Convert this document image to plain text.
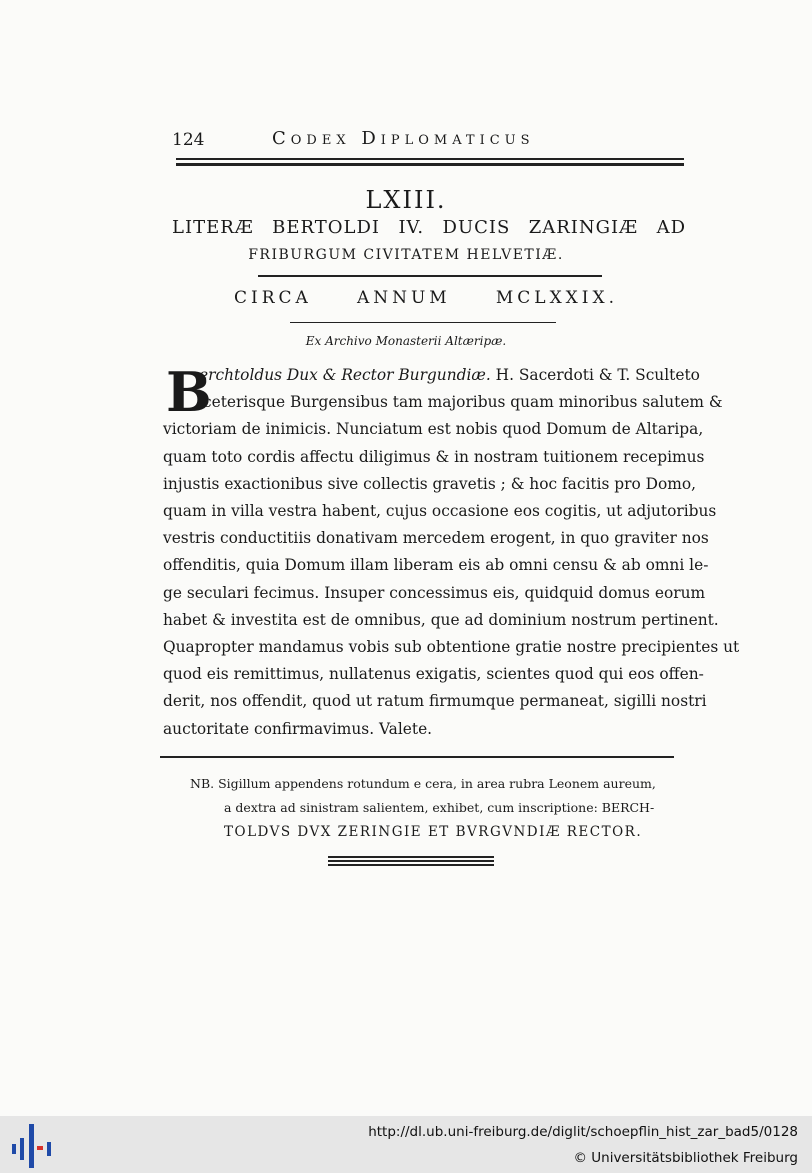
124	Codex Diplomaticus
LXIII.
LITERÆ BERTOLDI IV. DUCIS ZARINGIÆ AD
FRIBURGUM CIVITATEM HELVETIÆ.
CIRCA ANNUM MCLXXIX.
Ex Archivo Monasterii Altæripæ.
B
erchtoldus Dux & Rector Burgundiæ. H. Sacerdoti & T. Sculteto
ceterisque Burgensibus tam majoribus quam minoribus salutem &
victoriam de inimicis. Nunciatum est nobis quod Domum de Altaripa,
quam toto cordis affectu diligimus & in nostram tuitionem recepimus
injustis exactionibus sive collectis gravetis ; & hoc facitis pro Domo,
quam in villa vestra habent, cujus occasione eos cogitis, ut adjutoribus
vestris conductitiis donativam mercedem erogent, in quo graviter nos
offenditis, quia Domum illam liberam eis ab omni censu & ab omni le-
ge seculari fecimus. Insuper concessimus eis, quidquid domus eorum
habet & investita est de omnibus, que ad dominium nostrum pertinent.
Quapropter mandamus vobis sub obtentione gratie nostre precipientes ut
quod eis remittimus, nullatenus exigatis, scientes quod qui eos offen-
derit, nos offendit, quod ut ratum firmumque permaneat, sigilli nostri
auctoritate confirmavimus. Valete.
NB. Sigillum appendens rotundum e cera, in area rubra Leonem aureum,
a dextra ad sinistram salientem, exhibet, cum inscriptione: BERCH-
TOLDVS DVX ZERINGIE ET BVRGVNDIÆ RECTOR.
http://dl.ub.uni-freiburg.de/diglit/schoepflin_hist_zar_bad5/0128
© Universitätsbibliothek Freiburg
